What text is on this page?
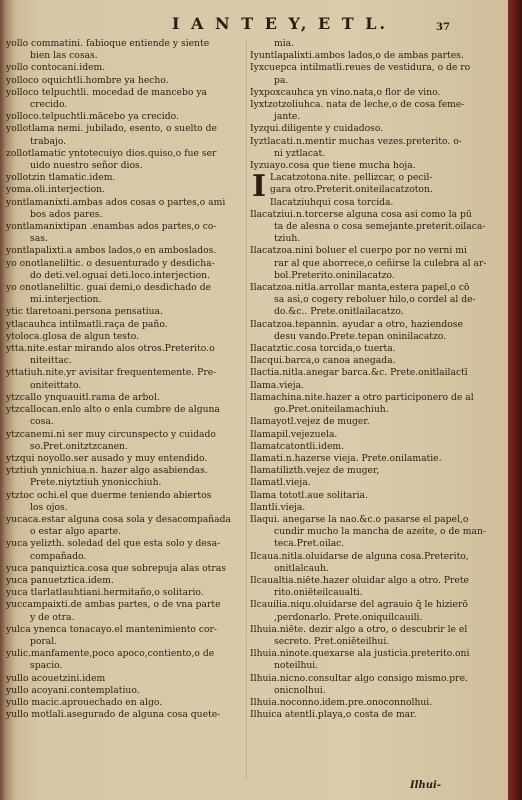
I A N T E Y, E T L.	37

yollo commatini. fabioque entiende y siente

bien las cosas.

yollo contocani.idem.

yolloco oquichtli.hombre ya hecho.

yolloco telpuchtli. mocedad de mancebo ya

crecido.

yolloco.telpuchtli.mācebo ya crecido.

yollotlama nemi. jubilado, esento, o suelto de

trabajo.

zollotlamatic yntotecuiyo dios.quiso,o fue ser

uido nuestro señor dios.

yollotzin tlamatic.idem.

yoma.oli.interjection.

yontlamanixti.ambas ados cosas o partes,o ami

bos ados pares.

yontlamanixtipan .enambas ados partes,o co-

sas.

yontlapalixti.a ambos lados,o en amboslados.

yo onotlaneliltic. o desuenturado y desdicha-

do deti.vel.oguai deti.loco.interjection.

yo onotlaneliltic. guai demi,o desdichado de

mi.interjection.

ytic tlaretoani.persona pensatiua.

ytlacauhca intilmatli.raça de paño.

ytoloca.glosa de algun testo.

ytta.nite.estar mirando alos otros.Preterito.o

niteittac.

yttatiuh.nite.yr avisitar frequentemente. Pre-

oniteittato.

ytzcallo ynquauitl.rama de arbol.

ytzcallocan.enlo alto o enla cumbre de alguna

cosa.

ytzcanemi.ni ser muy circunspecto y cuidado

so.Pret.onitztzcanen.

ytzqui noyollo.ser ausado y muy entendido.

ytztiuh ynnichiua.n. hazer algo asabiendas.

Prete.niytztiuh ynonicchiuh.

ytztoc ochi.el que duerme teniendo abiertos

los ojos.

yucaca.estar alguna cosa sola y desacompañada

o estar algo aparte.

yuca yelizth. soledad del que esta solo y desa-

compañado.

yuca panquiztica.cosa que sobrepuja alas otras

yuca panuetztica.idem.

yuca tlarlatlauhtiani.hermitaño,o solitario.

yuccampaixti.de ambas partes, o de vna parte

y de otra.

yulca ynenca tonacayo.el mantenimiento cor-

poral.

yulic.manfamente,poco apoco,contiento,o de

spacio.

yullo acouetzini.idem

yullo acoyani.contemplatiuo.

yullo macic.aprouechado en algo.

yullo motlali.asegurado de alguna cosa quete-

mia.

Iyuntlapalixti.ambos lados,o de ambas partes.

Iyxcuepca intilmatli.reues de vestidura, o de ro

pa.

Iyxpoxcauhca yn vino.nata,o flor de vino.

Iyxtzotzoliuhca. nata de leche,o de cosa feme-

jante.

Iyzqui.diligente y cuidadoso.

Iyztlacati.n.mentir muchas vezes.preterito. o-

ni yztlacat.

Iyzuayo.cosa que tiene mucha hoja.

I Lacatzotona.nite. pellizcar, o pecil-

gara otro.Preterit.oniteilacatzoton.

Ilacatziuhqui cosa torcida.

Ilacatziui.n.torcerse alguna cosa asi como la pū

ta de alesna o cosa semejante.preterit.oilaca-

tziuh.

Ilacatzoa.nini boluer el cuerpo por no verni mi

rar al que aborrece,o ceñirse la culebra al ar-

bol.Preterito.oninilacatzo.

Ilacatzoa.nitla.arrollar manta,estera papel,o cō

sa asi,o cogery reboluer hilo,o cordel al de-

do.&c.. Prete.onitlailacatzo.

Ilacatzoa.tepannin. ayudar a otro, haziendose

desu vando.Prete.tepan oninilacatzo.

Ilacatztic.cosa torcida,o tuerta.

Ilacqui.barca,o canoa anegada.

Ilactia.nitla.anegar barca.&c. Prete.onitlailactī

Ilama.vieja.

Ilamachina.nite.hazer a otro participonero de al

go.Pret.oniteilamachiuh.

Ilamayotl.vejez de muger.

Ilamapil.vejezuela.

Ilamatcatontli.idem.

Ilamati.n.hazerse vieja. Prete.onilamatie.

Ilamatilizth.vejez de muger,

Ilamatl.vieja.

Ilama tototl.aue solitaria.

Ilantli.vieja.

Ilaqui. anegarse la nao.&c.o pasarse el papel,o

cundir mucho la mancha de azeite, o de man-

teca.Pret.oilac.

Ilcaua.nitla.oluidarse de alguna cosa.Preterito,

onitlalcauh.

Ilcaualtia.niēte.hazer oluidar algo a otro. Prete

rito.oniēteilcaualti.

Ilcauilia.niqu.oluidarse del agrauio q̄ le hizierō

,perdonarlo. Prete.oniquilcauili.

Ilhuia.niēte. dezir algo a otro, o descubrir le el

secreto. Pret.oniēteilhui.

Ilhuia.ninote.quexarse ala justicia.preterito.oni

noteilhui.

Ilhuia.nicno.consultar algo consigo mismo.pre.

onicnolhui.

Ilhuia.noconno.idem.pre.onoconnolhui.

Ilhuica atentli.playa,o costa de mar.

Ilhui-
